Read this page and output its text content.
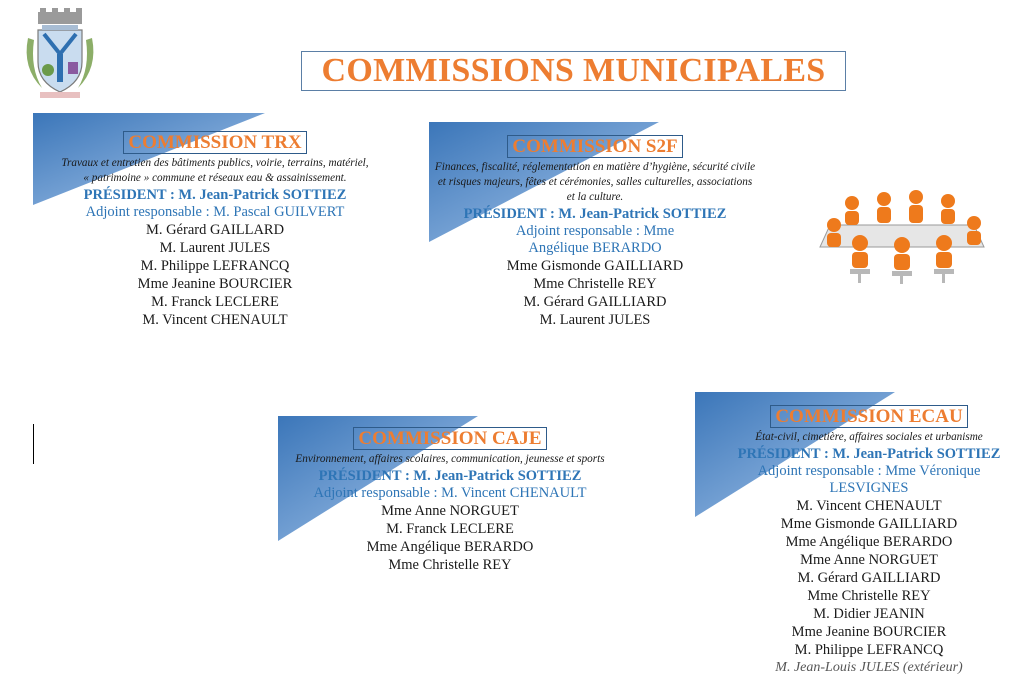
COMMISSIONS MUNICIPALES
COMMISSION TRX
Travaux et entretien des bâtiments publics, voirie, terrains, matériel, « patrimoine » commune et réseaux eau & assainissement.
PRÉSIDENT : M. Jean-Patrick SOTTIEZ
Adjoint responsable : M. Pascal GUILVERT
M. Gérard GAILLARD
M. Laurent JULES
M. Philippe LEFRANCQ
Mme Jeanine BOURCIER
M. Franck LECLERE
M. Vincent CHENAULT
COMMISSION S2F
Finances, fiscalité, réglementation en matière d’hygiène, sécurité civile et risques majeurs, fêtes et cérémonies, salles culturelles, associations et la culture.
PRÉSIDENT : M. Jean-Patrick SOTTIEZ
Adjoint responsable : Mme Angélique BERARDO
Mme Gismonde GAILLIARD
Mme Christelle REY
M. Gérard GAILLIARD
M. Laurent JULES
COMMISSION CAJE
Environnement, affaires scolaires, communication, jeunesse et sports
PRÉSIDENT : M. Jean-Patrick SOTTIEZ
Adjoint responsable : M. Vincent CHENAULT
Mme Anne NORGUET
M. Franck LECLERE
Mme Angélique BERARDO
Mme Christelle REY
COMMISSION ECAU
État-civil, cimetière, affaires sociales et urbanisme
PRÉSIDENT : M. Jean-Patrick SOTTIEZ
Adjoint responsable : Mme Véronique LESVIGNES
M. Vincent CHENAULT
Mme Gismonde GAILLIARD
Mme Angélique BERARDO
Mme Anne NORGUET
M. Gérard GAILLIARD
Mme Christelle REY
M. Didier JEANIN
Mme Jeanine BOURCIER
M. Philippe LEFRANCQ
M. Jean-Louis JULES (extérieur)
